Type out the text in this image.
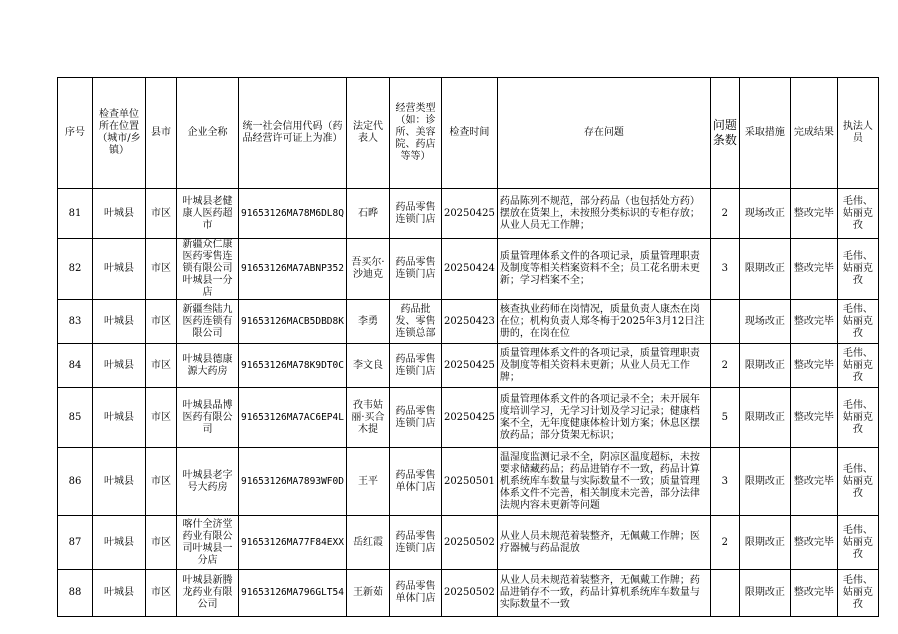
序号	检查单位所在位置（城市/乡镇）	县市	企业全称	统一社会信用代码（药品经营许可证上为准）	法定代表人	经营类型（如：诊所、美容院、药店等等）	检查时间	存在问题	问题条数	采取措施	完成结果	执法人员
81	叶城县	市区	叶城县老健康人医药超市	91653126MA78M6DL8Q	石晔	药品零售连锁门店	20250425	药品陈列不规范，部分药品（也包括处方药）摆放在货架上，未按照分类标识的专柜存放；从业人员无工作牌；	2	现场改正	整改完毕	毛伟、姑丽克孜
82	叶城县	市区	新疆众仁康医药零售连锁有限公司叶城县一分店	91653126MA7ABNP352	吾买尔·沙迪克	药品零售连锁门店	20250424	质量管理体系文件的各项记录，质量管理职责及制度等相关档案资料不全；员工花名册未更新；学习档案不全；	3	限期改正	整改完毕	毛伟、姑丽克孜
83	叶城县	市区	新疆叁陆九医药连锁有限公司	91653126MACB5DBD8K	李勇	药品批发、零售连锁总部	20250423	核查执业药师在岗情况，质量负责人康杰在岗在位；机构负责人郑冬梅于2025年3月12日注册的，在岗在位		现场改正	整改完毕	毛伟、姑丽克孜
84	叶城县	市区	叶城县德康源大药房	91653126MA78K9DT0C	李文良	药品零售连锁门店	20250425	质量管理体系文件的各项记录，质量管理职责及制度等相关资料未更新；从业人员无工作牌；	2	限期改正	整改完毕	毛伟、姑丽克孜
85	叶城县	市区	叶城县晶博医药有限公司	91653126MA7AC6EP4L	孜韦姑丽·买合木提	药品零售连锁门店	20250425	质量管理体系文件的各项记录不全；未开展年度培训学习，无学习计划及学习记录；健康档案不全，无年度健康体检计划方案；休息区摆放药品；部分货架无标识；	5	限期改正	整改完毕	毛伟、姑丽克孜
86	叶城县	市区	叶城县老字号大药房	91653126MA7893WF0D	王平	药品零售单体门店	20250501	温湿度监测记录不全，阴凉区温度超标，未按要求储藏药品；药品进销存不一致，药品计算机系统库车数量与实际数量不一致；质量管理体系文件不完善，相关制度未完善，部分法律法规内容未更新等问题	3	限期改正	整改完毕	毛伟、姑丽克孜
87	叶城县	市区	喀什全济堂药业有限公司叶城县一分店	91653126MA77F84EXX	岳红霞	药品零售连锁门店	20250502	从业人员未规范着装整齐，无佩戴工作牌；医疗器械与药品混放	2	限期改正	整改完毕	毛伟、姑丽克孜
88	叶城县	市区	叶城县新腾龙药业有限公司	91653126MA796GLT54	王新茹	药品零售单体门店	20250502	从业人员未规范着装整齐，无佩戴工作牌；药品进销存不一致，药品计算机系统库车数量与实际数量不一致		限期改正	整改完毕	毛伟、姑丽克孜
